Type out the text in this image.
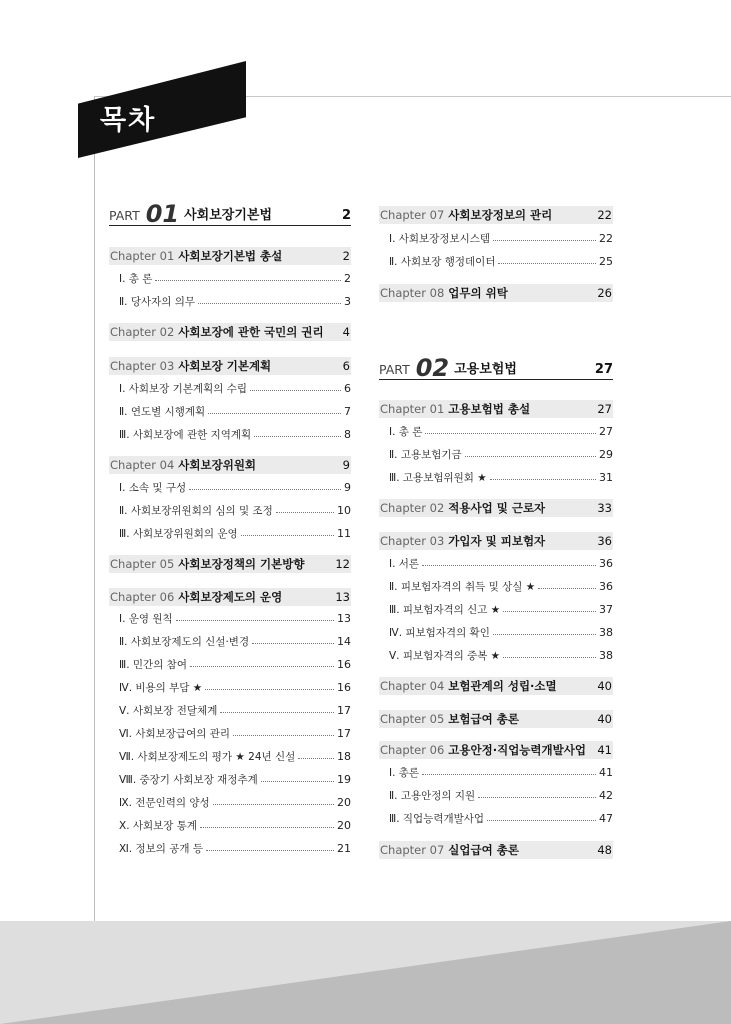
목차
PART 01 사회보장기본법	2
Chapter 01 사회보장기본법 총설	2
Ⅰ. 총 론	2
Ⅱ. 당사자의 의무	3
Chapter 02 사회보장에 관한 국민의 권리 4
Chapter 03 사회보장 기본계획	6
Ⅰ. 사회보장 기본계획의 수립	6
Ⅱ. 연도별 시행계획	7
Ⅲ. 사회보장에 관한 지역계획	8
Chapter 04 사회보장위원회	9
Ⅰ. 소속 및 구성	9
Ⅱ. 사회보장위원회의 심의 및 조정	10
Ⅲ. 사회보장위원회의 운영	11
Chapter 05 사회보장정책의 기본방향	12
Chapter 06 사회보장제도의 운영	13
Ⅰ. 운영 원칙	13
Ⅱ. 사회보장제도의 신설·변경	14
Ⅲ. 민간의 참여	16
Ⅳ. 비용의 부담 ★	16
Ⅴ. 사회보장 전달체계	17
Ⅵ. 사회보장급여의 관리	17
Ⅶ. 사회보장제도의 평가 ★ 24년 신설	18
Ⅷ. 중장기 사회보장 재정추계	19
Ⅸ. 전문인력의 양성	20
Ⅹ. 사회보장 통계	20
Ⅺ. 정보의 공개 등	21
Chapter 07 사회보장정보의 관리	22
Ⅰ. 사회보장정보시스템	22
Ⅱ. 사회보장 행정데이터	25
Chapter 08 업무의 위탁	26
PART 02 고용보험법	27
Chapter 01 고용보험법 총설	27
Ⅰ. 총 론	27
Ⅱ. 고용보험기금	29
Ⅲ. 고용보험위원회 ★	31
Chapter 02 적용사업 및 근로자	33
Chapter 03 가입자 및 피보험자	36
Ⅰ. 서론	36
Ⅱ. 피보험자격의 취득 및 상실 ★	36
Ⅲ. 피보험자격의 신고 ★	37
Ⅳ. 피보험자격의 확인	38
Ⅴ. 피보험자격의 중복 ★	38
Chapter 04 보험관계의 성립·소멸	40
Chapter 05 보험급여 총론	40
Chapter 06 고용안정·직업능력개발사업 41
Ⅰ. 총론	41
Ⅱ. 고용안정의 지원	42
Ⅲ. 직업능력개발사업	47
Chapter 07 실업급여 총론	48
